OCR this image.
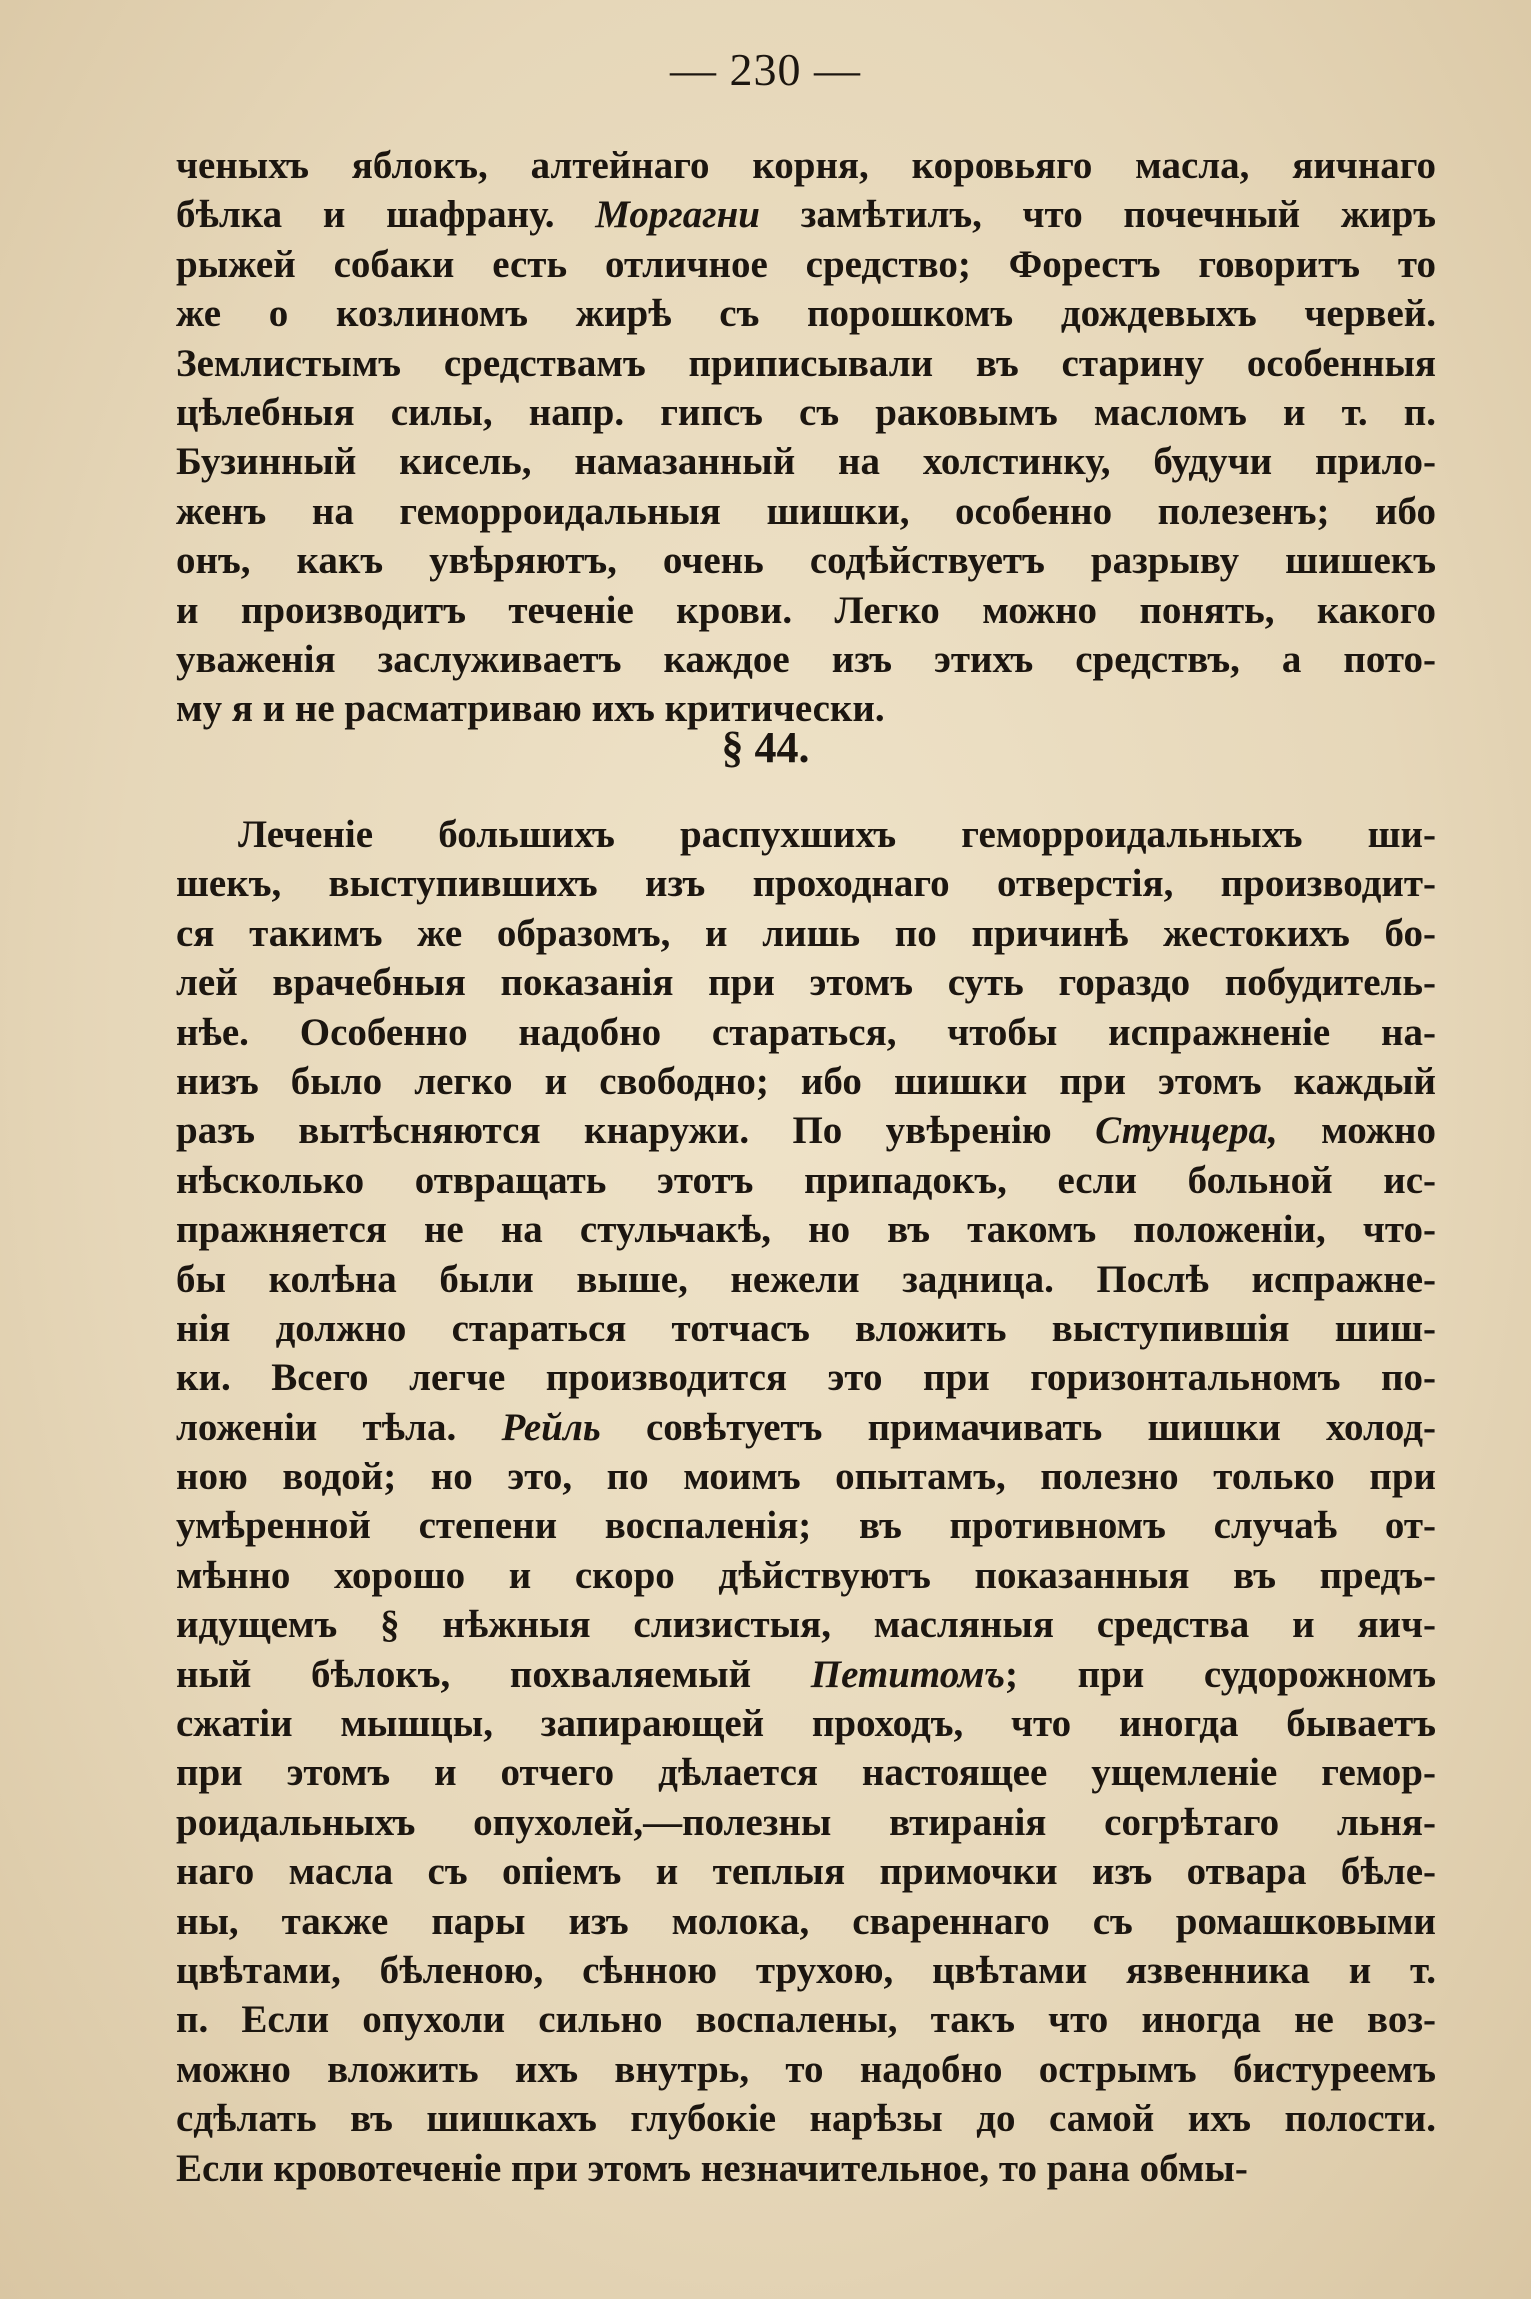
— 230 —
ченыхъ яблокъ, алтейнаго корня, коровьяго масла, яичнаго
бѣлка и шафрану. Моргагни замѣтилъ, что почечный жиръ
рыжей собаки есть отличное средство; Форестъ говоритъ то
же о козлиномъ жирѣ съ порошкомъ дождевыхъ червей.
Землистымъ средствамъ приписывали въ старину особенныя
цѣлебныя силы, напр. гипсъ съ раковымъ масломъ и т. п.
Бузинный кисель, намазанный на холстинку, будучи прило-
женъ на геморроидальныя шишки, особенно полезенъ; ибо
онъ, какъ увѣряютъ, очень содѣйствуетъ разрыву шишекъ
и производитъ теченіе крови. Легко можно понять, какого
уваженія заслуживаетъ каждое изъ этихъ средствъ, а пото-
му я и не расматриваю ихъ критически.
§ 44.
Леченіе большихъ распухшихъ геморроидальныхъ ши-
шекъ, выступившихъ изъ проходнаго отверстія, производит-
ся такимъ же образомъ, и лишь по причинѣ жестокихъ бо-
лей врачебныя показанія при этомъ суть гораздо побудитель-
нѣе. Особенно надобно стараться, чтобы испражненіе на-
низъ было легко и свободно; ибо шишки при этомъ каждый
разъ вытѣсняются кнаружи. По увѣренію Стунцера, можно
нѣсколько отвращать этотъ припадокъ, если больной ис-
пражняется не на стульчакѣ, но въ такомъ положеніи, что-
бы колѣна были выше, нежели задница. Послѣ испражне-
нія должно стараться тотчасъ вложить выступившія шиш-
ки. Всего легче производится это при горизонтальномъ по-
ложеніи тѣла. Рейль совѣтуетъ примачивать шишки холод-
ною водой; но это, по моимъ опытамъ, полезно только при
умѣренной степени воспаленія; въ противномъ случаѣ от-
мѣнно хорошо и скоро дѣйствуютъ показанныя въ предъ-
идущемъ § нѣжныя слизистыя, масляныя средства и яич-
ный бѣлокъ, похваляемый Петитомъ; при судорожномъ
сжатіи мышцы, запирающей проходъ, что иногда бываетъ
при этомъ и отчего дѣлается настоящее ущемленіе гемор-
роидальныхъ опухолей,—полезны втиранія согрѣтаго льня-
наго масла съ опіемъ и теплыя примочки изъ отвара бѣле-
ны, также пары изъ молока, свареннаго съ ромашковыми
цвѣтами, бѣленою, сѣнною трухою, цвѣтами язвенника и т.
п. Если опухоли сильно воспалены, такъ что иногда не воз-
можно вложить ихъ внутрь, то надобно острымъ бистуреемъ
сдѣлать въ шишкахъ глубокіе нарѣзы до самой ихъ полости.
Если кровотеченіе при этомъ незначительное, то рана обмы-
